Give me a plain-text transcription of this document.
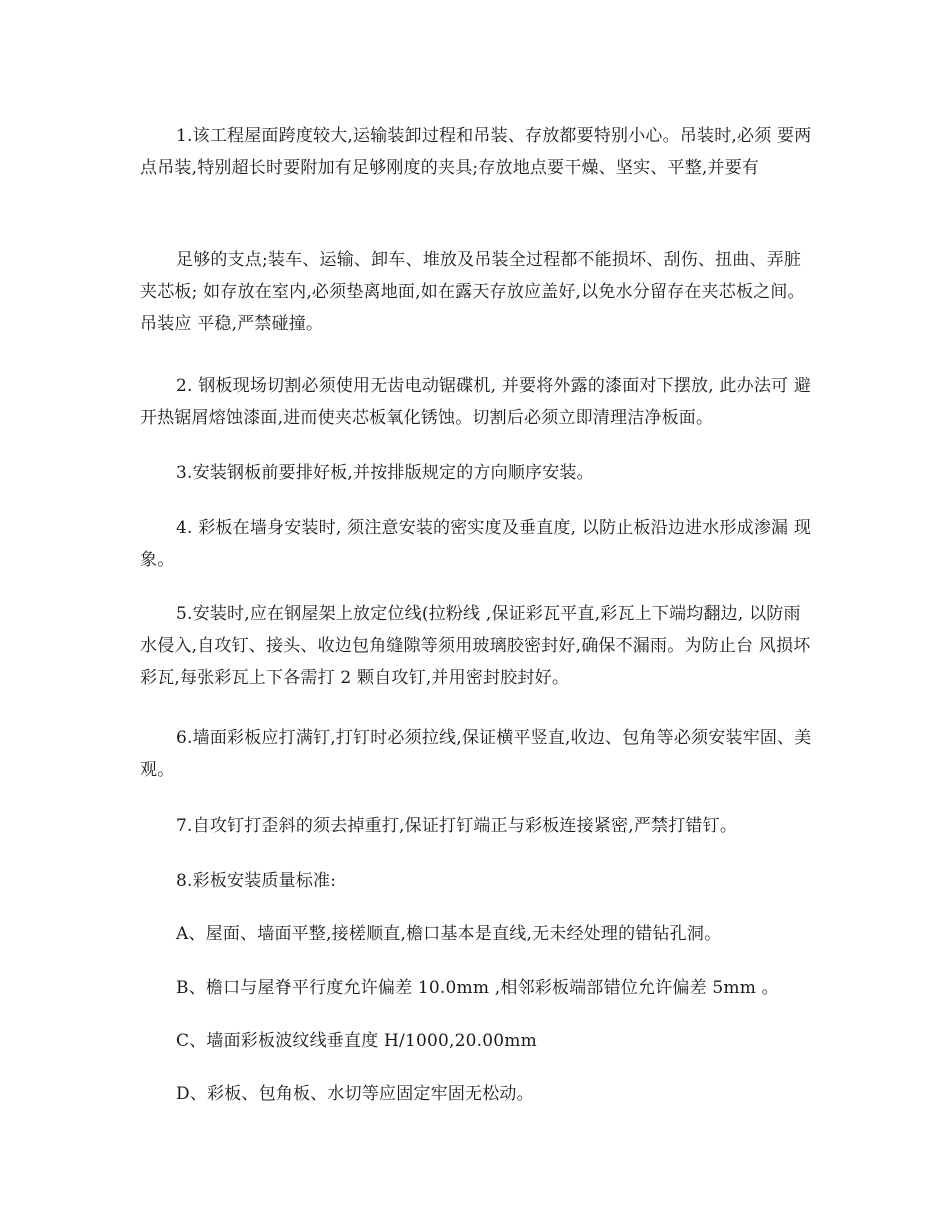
1.该工程屋面跨度较大,运输装卸过程和吊装、存放都要特别小心。吊装时,必须 要两点吊装,特别超长时要附加有足够刚度的夹具;存放地点要干燥、坚实、平整,并要有

足够的支点;装车、运输、卸车、堆放及吊装全过程都不能损坏、刮伤、扭曲、弄脏夹芯板; 如存放在室内,必须垫离地面,如在露天存放应盖好,以免水分留存在夹芯板之间。吊装应 平稳,严禁碰撞。

2. 钢板现场切割必须使用无齿电动锯碟机, 并要将外露的漆面对下摆放, 此办法可 避开热锯屑熔蚀漆面,进而使夹芯板氧化锈蚀。切割后必须立即清理洁净板面。

3.安装钢板前要排好板,并按排版规定的方向顺序安装。

4. 彩板在墙身安装时, 须注意安装的密实度及垂直度, 以防止板沿边进水形成渗漏 现象。

5.安装时,应在钢屋架上放定位线(拉粉线 ,保证彩瓦平直,彩瓦上下端均翻边, 以防雨水侵入,自攻钉、接头、收边包角缝隙等须用玻璃胶密封好,确保不漏雨。为防止台 风损坏彩瓦,每张彩瓦上下各需打 2 颗自攻钉,并用密封胶封好。

6.墙面彩板应打满钉,打钉时必须拉线,保证横平竖直,收边、包角等必须安装牢固、美观。

7.自攻钉打歪斜的须去掉重打,保证打钉端正与彩板连接紧密,严禁打错钉。

8.彩板安装质量标准:

A、屋面、墙面平整,接槎顺直,檐口基本是直线,无未经处理的错钻孔洞。

B、檐口与屋脊平行度允许偏差 10.0mm ,相邻彩板端部错位允许偏差 5mm 。

C、墙面彩板波纹线垂直度 H/1000,20.00mm

D、彩板、包角板、水切等应固定牢固无松动。
